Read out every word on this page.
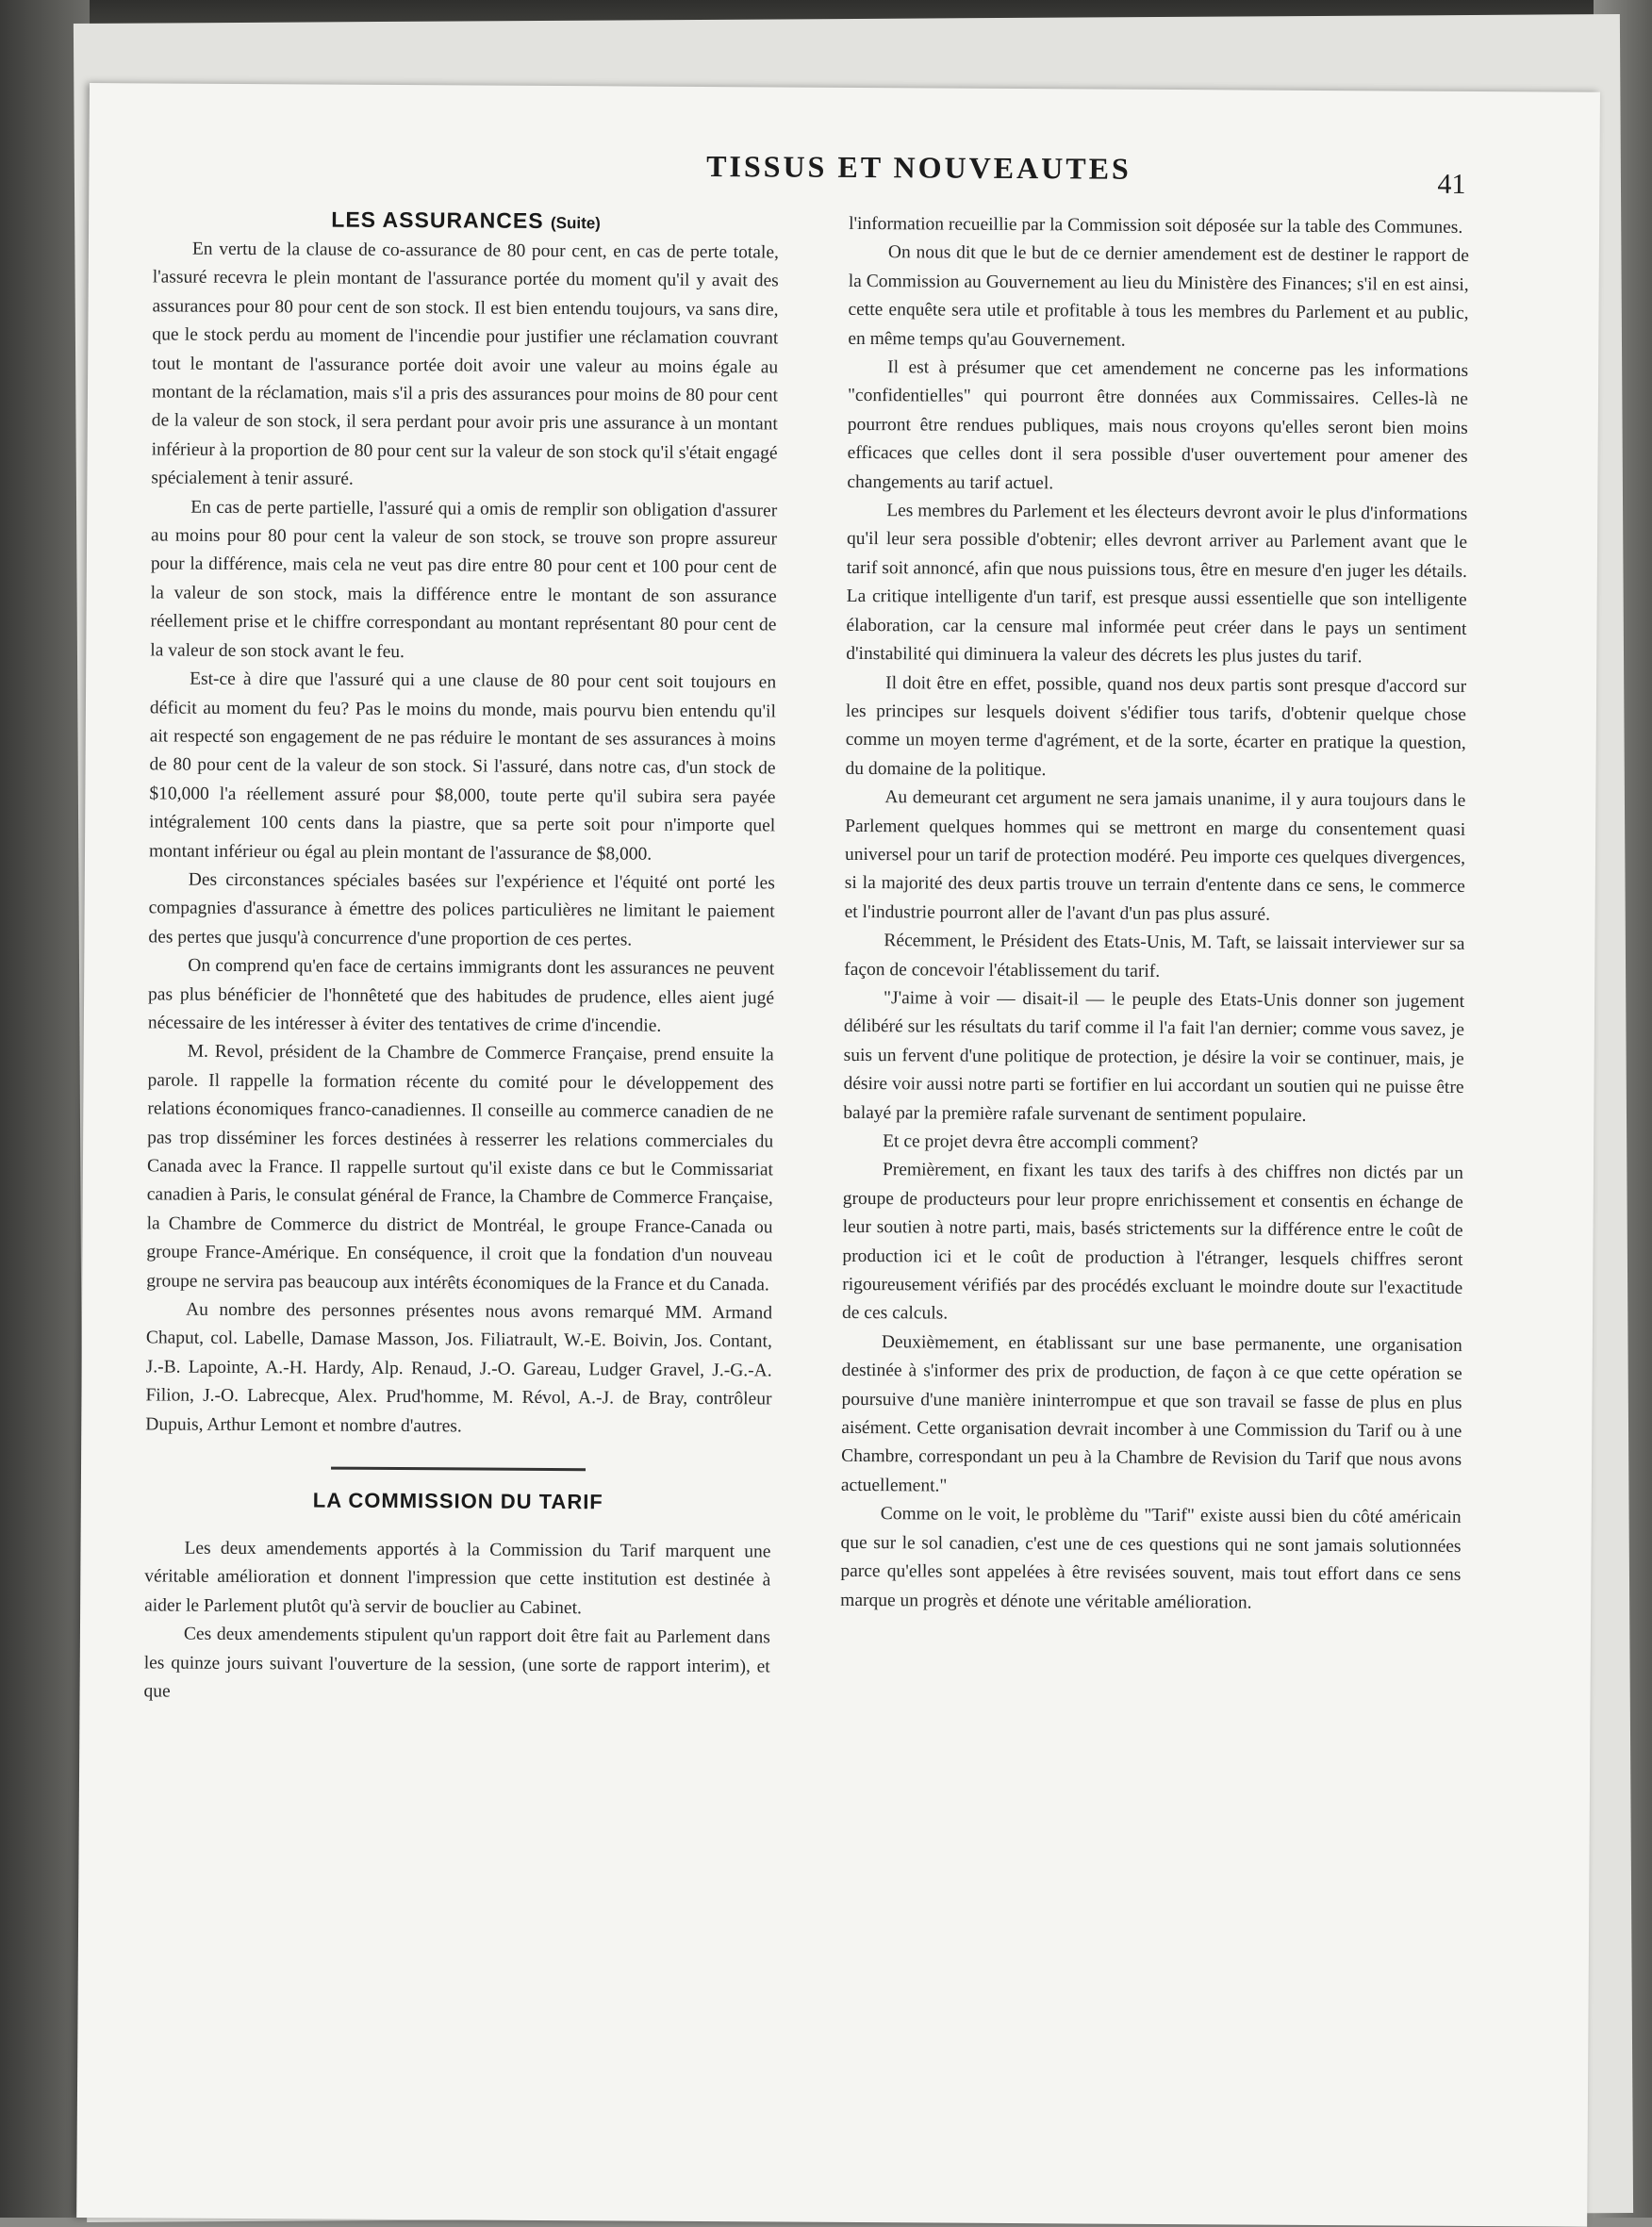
TISSUS ET NOUVEAUTES	41
LES ASSURANCES (Suite)

En vertu de la clause de co-assurance de 80 pour cent, en cas de perte totale, l'assuré recevra le plein montant de l'assurance portée du moment qu'il y avait des assurances pour 80 pour cent de son stock. Il est bien entendu toujours, va sans dire, que le stock perdu au moment de l'incendie pour justifier une réclamation couvrant tout le montant de l'assurance portée doit avoir une valeur au moins égale au montant de la réclamation, mais s'il a pris des assurances pour moins de 80 pour cent de la valeur de son stock, il sera perdant pour avoir pris une assurance à un montant inférieur à la proportion de 80 pour cent sur la valeur de son stock qu'il s'était engagé spécialement à tenir assuré.

En cas de perte partielle, l'assuré qui a omis de remplir son obligation d'assurer au moins pour 80 pour cent la valeur de son stock, se trouve son propre assureur pour la différence, mais cela ne veut pas dire entre 80 pour cent et 100 pour cent de la valeur de son stock, mais la différence entre le montant de son assurance réellement prise et le chiffre correspondant au montant représentant 80 pour cent de la valeur de son stock avant le feu.

Est-ce à dire que l'assuré qui a une clause de 80 pour cent soit toujours en déficit au moment du feu? Pas le moins du monde, mais pourvu bien entendu qu'il ait respecté son engagement de ne pas réduire le montant de ses assurances à moins de 80 pour cent de la valeur de son stock. Si l'assuré, dans notre cas, d'un stock de $10,000 l'a réellement assuré pour $8,000, toute perte qu'il subira sera payée intégralement 100 cents dans la piastre, que sa perte soit pour n'importe quel montant inférieur ou égal au plein montant de l'assurance de $8,000.

Des circonstances spéciales basées sur l'expérience et l'équité ont porté les compagnies d'assurance à émettre des polices particulières ne limitant le paiement des pertes que jusqu'à concurrence d'une proportion de ces pertes.

On comprend qu'en face de certains immigrants dont les assurances ne peuvent pas plus bénéficier de l'honnêteté que des habitudes de prudence, elles aient jugé nécessaire de les intéresser à éviter des tentatives de crime d'incendie.

M. Revol, président de la Chambre de Commerce Française, prend ensuite la parole. Il rappelle la formation récente du comité pour le développement des relations économiques franco-canadiennes. Il conseille au commerce canadien de ne pas trop disséminer les forces destinées à resserrer les relations commerciales du Canada avec la France. Il rappelle surtout qu'il existe dans ce but le Commissariat canadien à Paris, le consulat général de France, la Chambre de Commerce Française, la Chambre de Commerce du district de Montréal, le groupe France-Canada ou groupe France-Amérique. En conséquence, il croit que la fondation d'un nouveau groupe ne servira pas beaucoup aux intérêts économiques de la France et du Canada.

Au nombre des personnes présentes nous avons remarqué MM. Armand Chaput, col. Labelle, Damase Masson, Jos. Filiatrault, W.-E. Boivin, Jos. Contant, J.-B. Lapointe, A.-H. Hardy, Alp. Renaud, J.-O. Gareau, Ludger Gravel, J.-G.-A. Filion, J.-O. Labrecque, Alex. Prud'homme, M. Révol, A.-J. de Bray, contrôleur Dupuis, Arthur Lemont et nombre d'autres.

LA COMMISSION DU TARIF

Les deux amendements apportés à la Commission du Tarif marquent une véritable amélioration et donnent l'impression que cette institution est destinée à aider le Parlement plutôt qu'à servir de bouclier au Cabinet.

Ces deux amendements stipulent qu'un rapport doit être fait au Parlement dans les quinze jours suivant l'ouverture de la session, (une sorte de rapport interim), et que

l'information recueillie par la Commission soit déposée sur la table des Communes.

On nous dit que le but de ce dernier amendement est de destiner le rapport de la Commission au Gouvernement au lieu du Ministère des Finances; s'il en est ainsi, cette enquête sera utile et profitable à tous les membres du Parlement et au public, en même temps qu'au Gouvernement.

Il est à présumer que cet amendement ne concerne pas les informations "confidentielles" qui pourront être données aux Commissaires. Celles-là ne pourront être rendues publiques, mais nous croyons qu'elles seront bien moins efficaces que celles dont il sera possible d'user ouvertement pour amener des changements au tarif actuel.

Les membres du Parlement et les électeurs devront avoir le plus d'informations qu'il leur sera possible d'obtenir; elles devront arriver au Parlement avant que le tarif soit annoncé, afin que nous puissions tous, être en mesure d'en juger les détails. La critique intelligente d'un tarif, est presque aussi essentielle que son intelligente élaboration, car la censure mal informée peut créer dans le pays un sentiment d'instabilité qui diminuera la valeur des décrets les plus justes du tarif.

Il doit être en effet, possible, quand nos deux partis sont presque d'accord sur les principes sur lesquels doivent s'édifier tous tarifs, d'obtenir quelque chose comme un moyen terme d'agrément, et de la sorte, écarter en pratique la question, du domaine de la politique.

Au demeurant cet argument ne sera jamais unanime, il y aura toujours dans le Parlement quelques hommes qui se mettront en marge du consentement quasi universel pour un tarif de protection modéré. Peu importe ces quelques divergences, si la majorité des deux partis trouve un terrain d'entente dans ce sens, le commerce et l'industrie pourront aller de l'avant d'un pas plus assuré.

Récemment, le Président des Etats-Unis, M. Taft, se laissait interviewer sur sa façon de concevoir l'établissement du tarif.

"J'aime à voir — disait-il — le peuple des Etats-Unis donner son jugement délibéré sur les résultats du tarif comme il l'a fait l'an dernier; comme vous savez, je suis un fervent d'une politique de protection, je désire la voir se continuer, mais, je désire voir aussi notre parti se fortifier en lui accordant un soutien qui ne puisse être balayé par la première rafale survenant de sentiment populaire.

Et ce projet devra être accompli comment?

Premièrement, en fixant les taux des tarifs à des chiffres non dictés par un groupe de producteurs pour leur propre enrichissement et consentis en échange de leur soutien à notre parti, mais, basés strictements sur la différence entre le coût de production ici et le coût de production à l'étranger, lesquels chiffres seront rigoureusement vérifiés par des procédés excluant le moindre doute sur l'exactitude de ces calculs.

Deuxièmement, en établissant sur une base permanente, une organisation destinée à s'informer des prix de production, de façon à ce que cette opération se poursuive d'une manière ininterrompue et que son travail se fasse de plus en plus aisément. Cette organisation devrait incomber à une Commission du Tarif ou à une Chambre, correspondant un peu à la Chambre de Revision du Tarif que nous avons actuellement."

Comme on le voit, le problème du "Tarif" existe aussi bien du côté américain que sur le sol canadien, c'est une de ces questions qui ne sont jamais solutionnées parce qu'elles sont appelées à être revisées souvent, mais tout effort dans ce sens marque un progrès et dénote une véritable amélioration.
